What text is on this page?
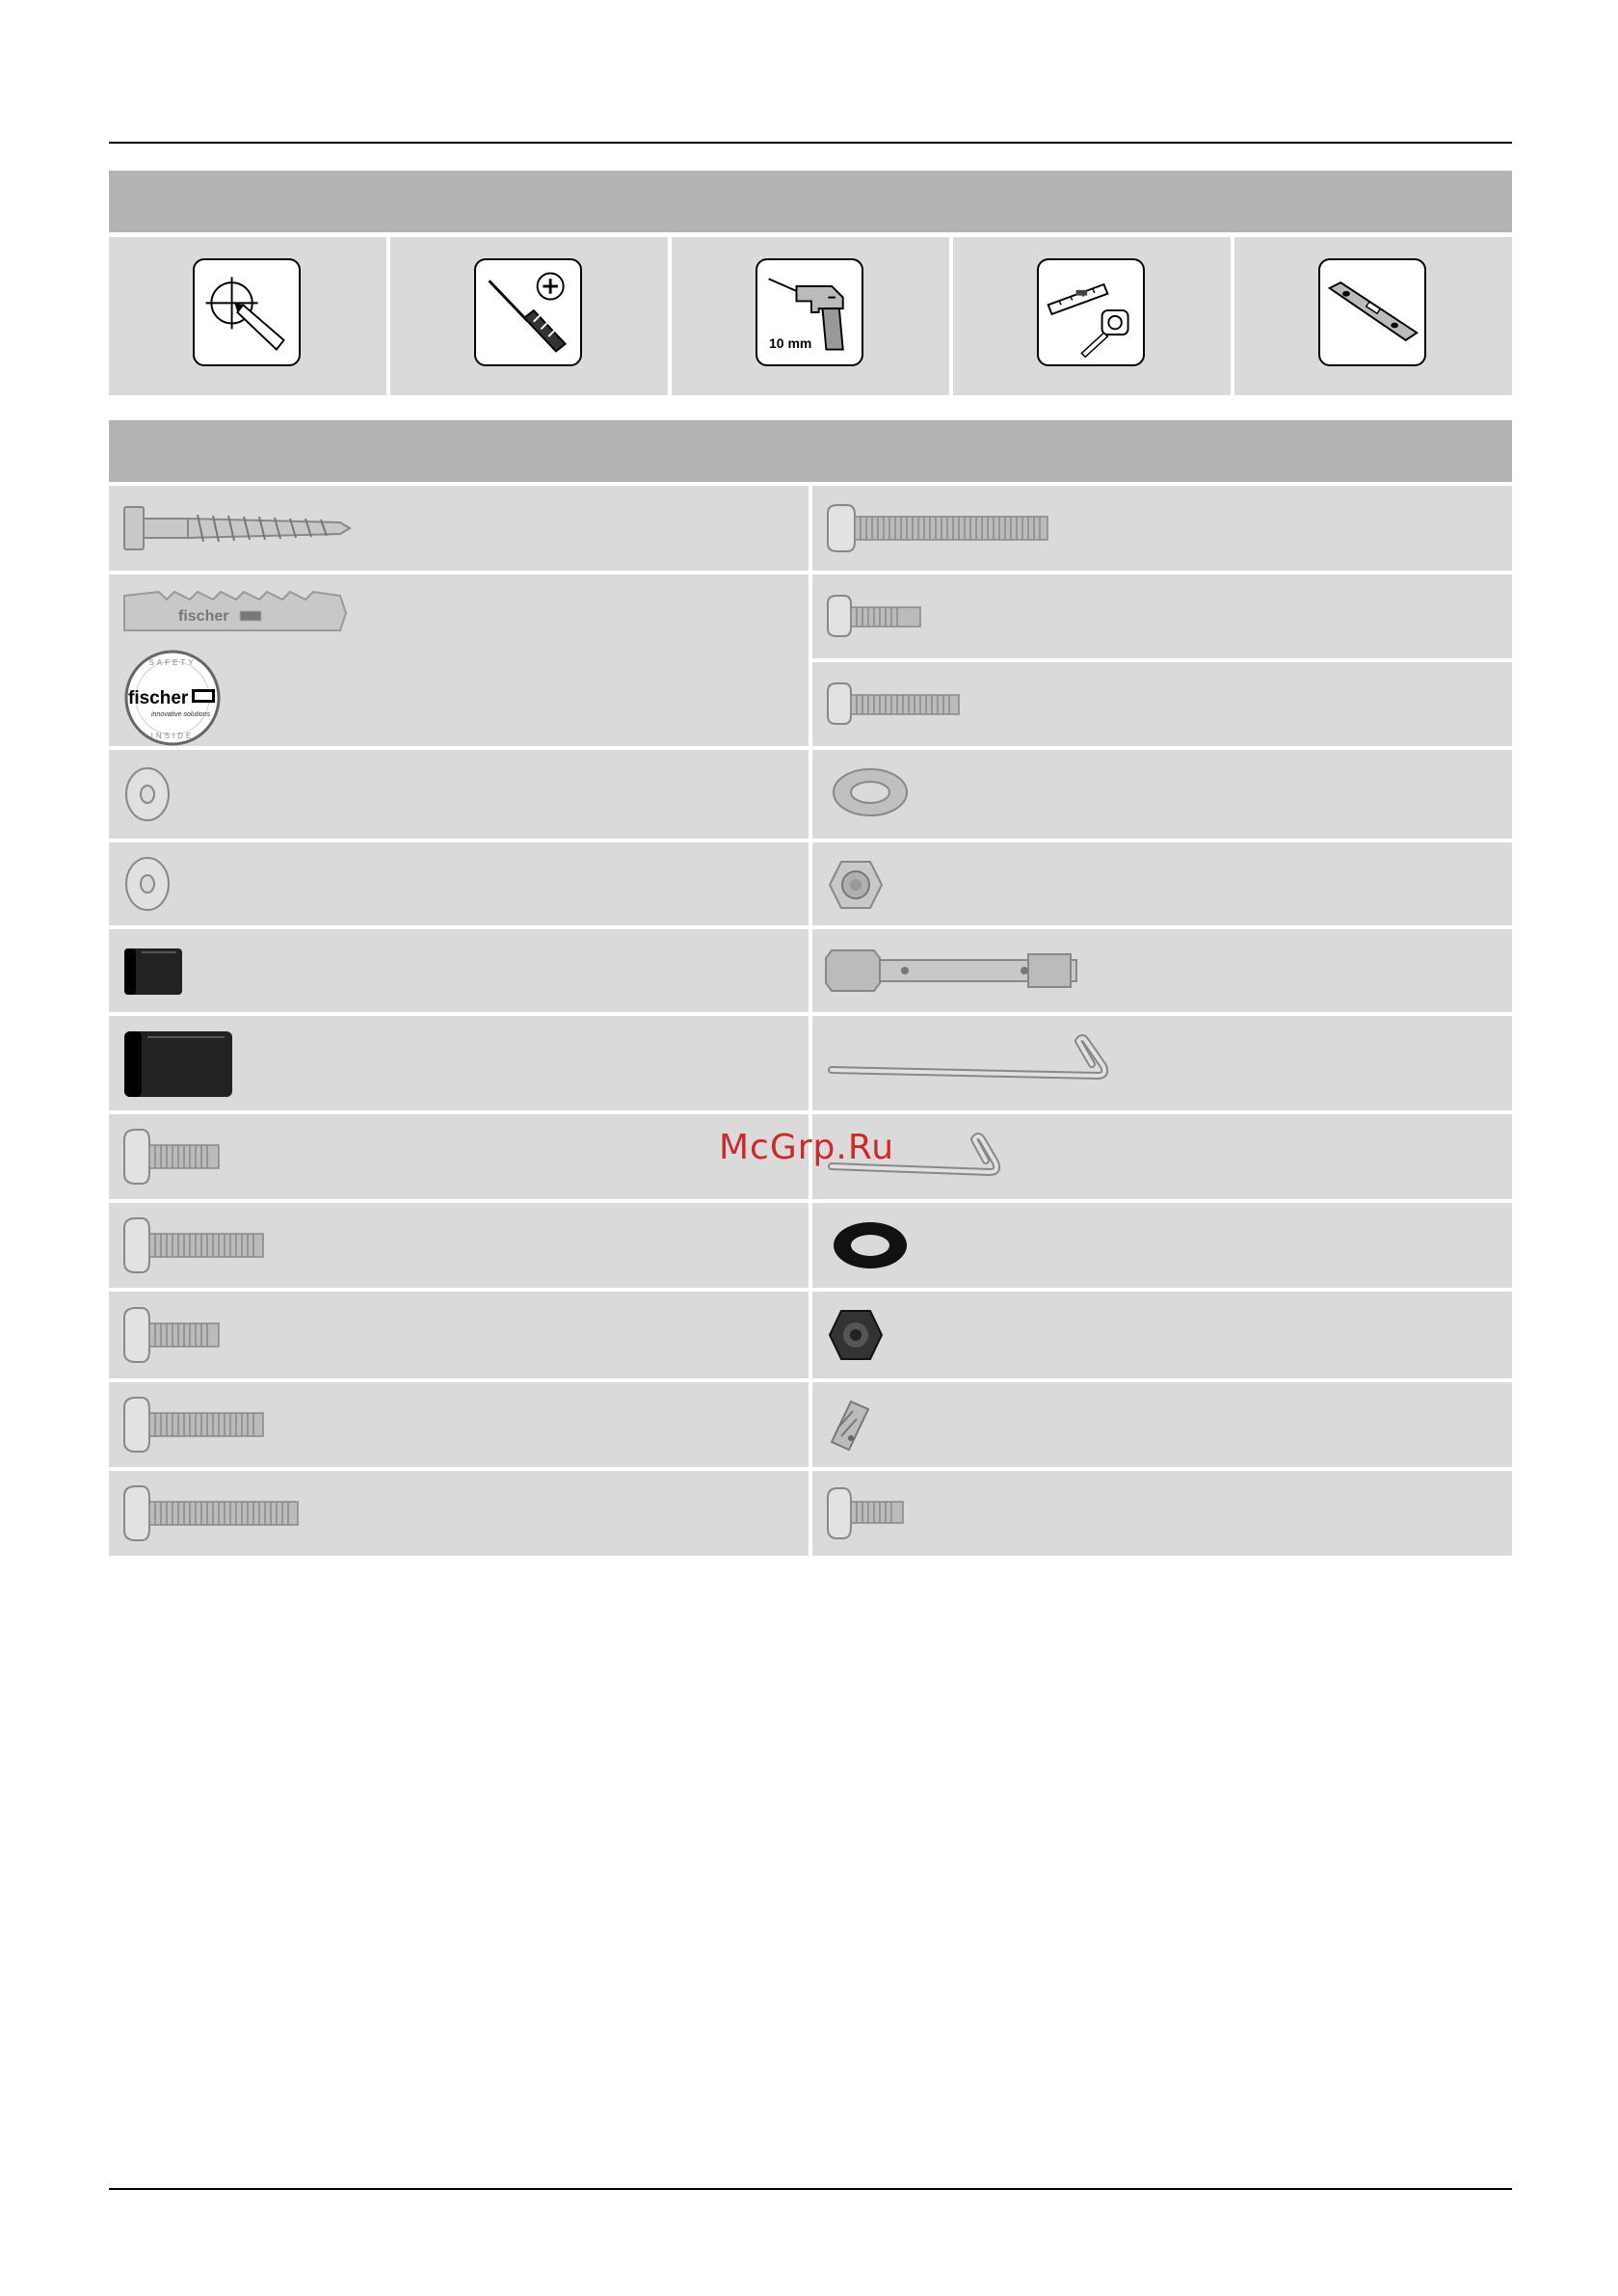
10 mm
fischer
SAFETY
fischer
innovative solutions
INSIDE
McGrp.Ru
